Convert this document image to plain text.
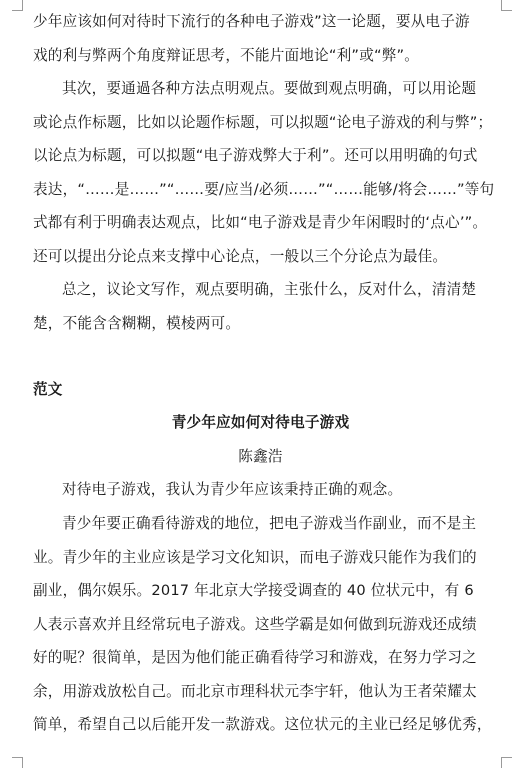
少年应该如何对待时下流行的各种电子游戏”这一论题，要从电子游
戏的利与弊两个角度辩证思考，不能片面地论“利”或“弊”。
其次，要通過各种方法点明观点。要做到观点明确，可以用论题
或论点作标题，比如以论题作标题，可以拟题“论电子游戏的利与弊”；
以论点为标题，可以拟题“电子游戏弊大于利”。还可以用明确的句式
表达，“……是……”“……要/应当/必须……”“……能够/将会……”等句
式都有利于明确表达观点，比如“电子游戏是青少年闲暇时的‘点心’”。
还可以提出分论点来支撑中心论点，一般以三个分论点为最佳。
总之，议论文写作，观点要明确，主张什么，反对什么，清清楚
楚，不能含含糊糊，模棱两可。
范文
青少年应如何对待电子游戏
陈鑫浩
对待电子游戏，我认为青少年应该秉持正确的观念。
青少年要正确看待游戏的地位，把电子游戏当作副业，而不是主
业。青少年的主业应该是学习文化知识，而电子游戏只能作为我们的
副业，偶尔娱乐。2017 年北京大学接受调查的 40 位状元中，有 6
人表示喜欢并且经常玩电子游戏。这些学霸是如何做到玩游戏还成绩
好的呢？很简单，是因为他们能正确看待学习和游戏，在努力学习之
余，用游戏放松自己。而北京市理科状元李宇轩，他认为王者荣耀太
简单，希望自己以后能开发一款游戏。这位状元的主业已经足够优秀，
